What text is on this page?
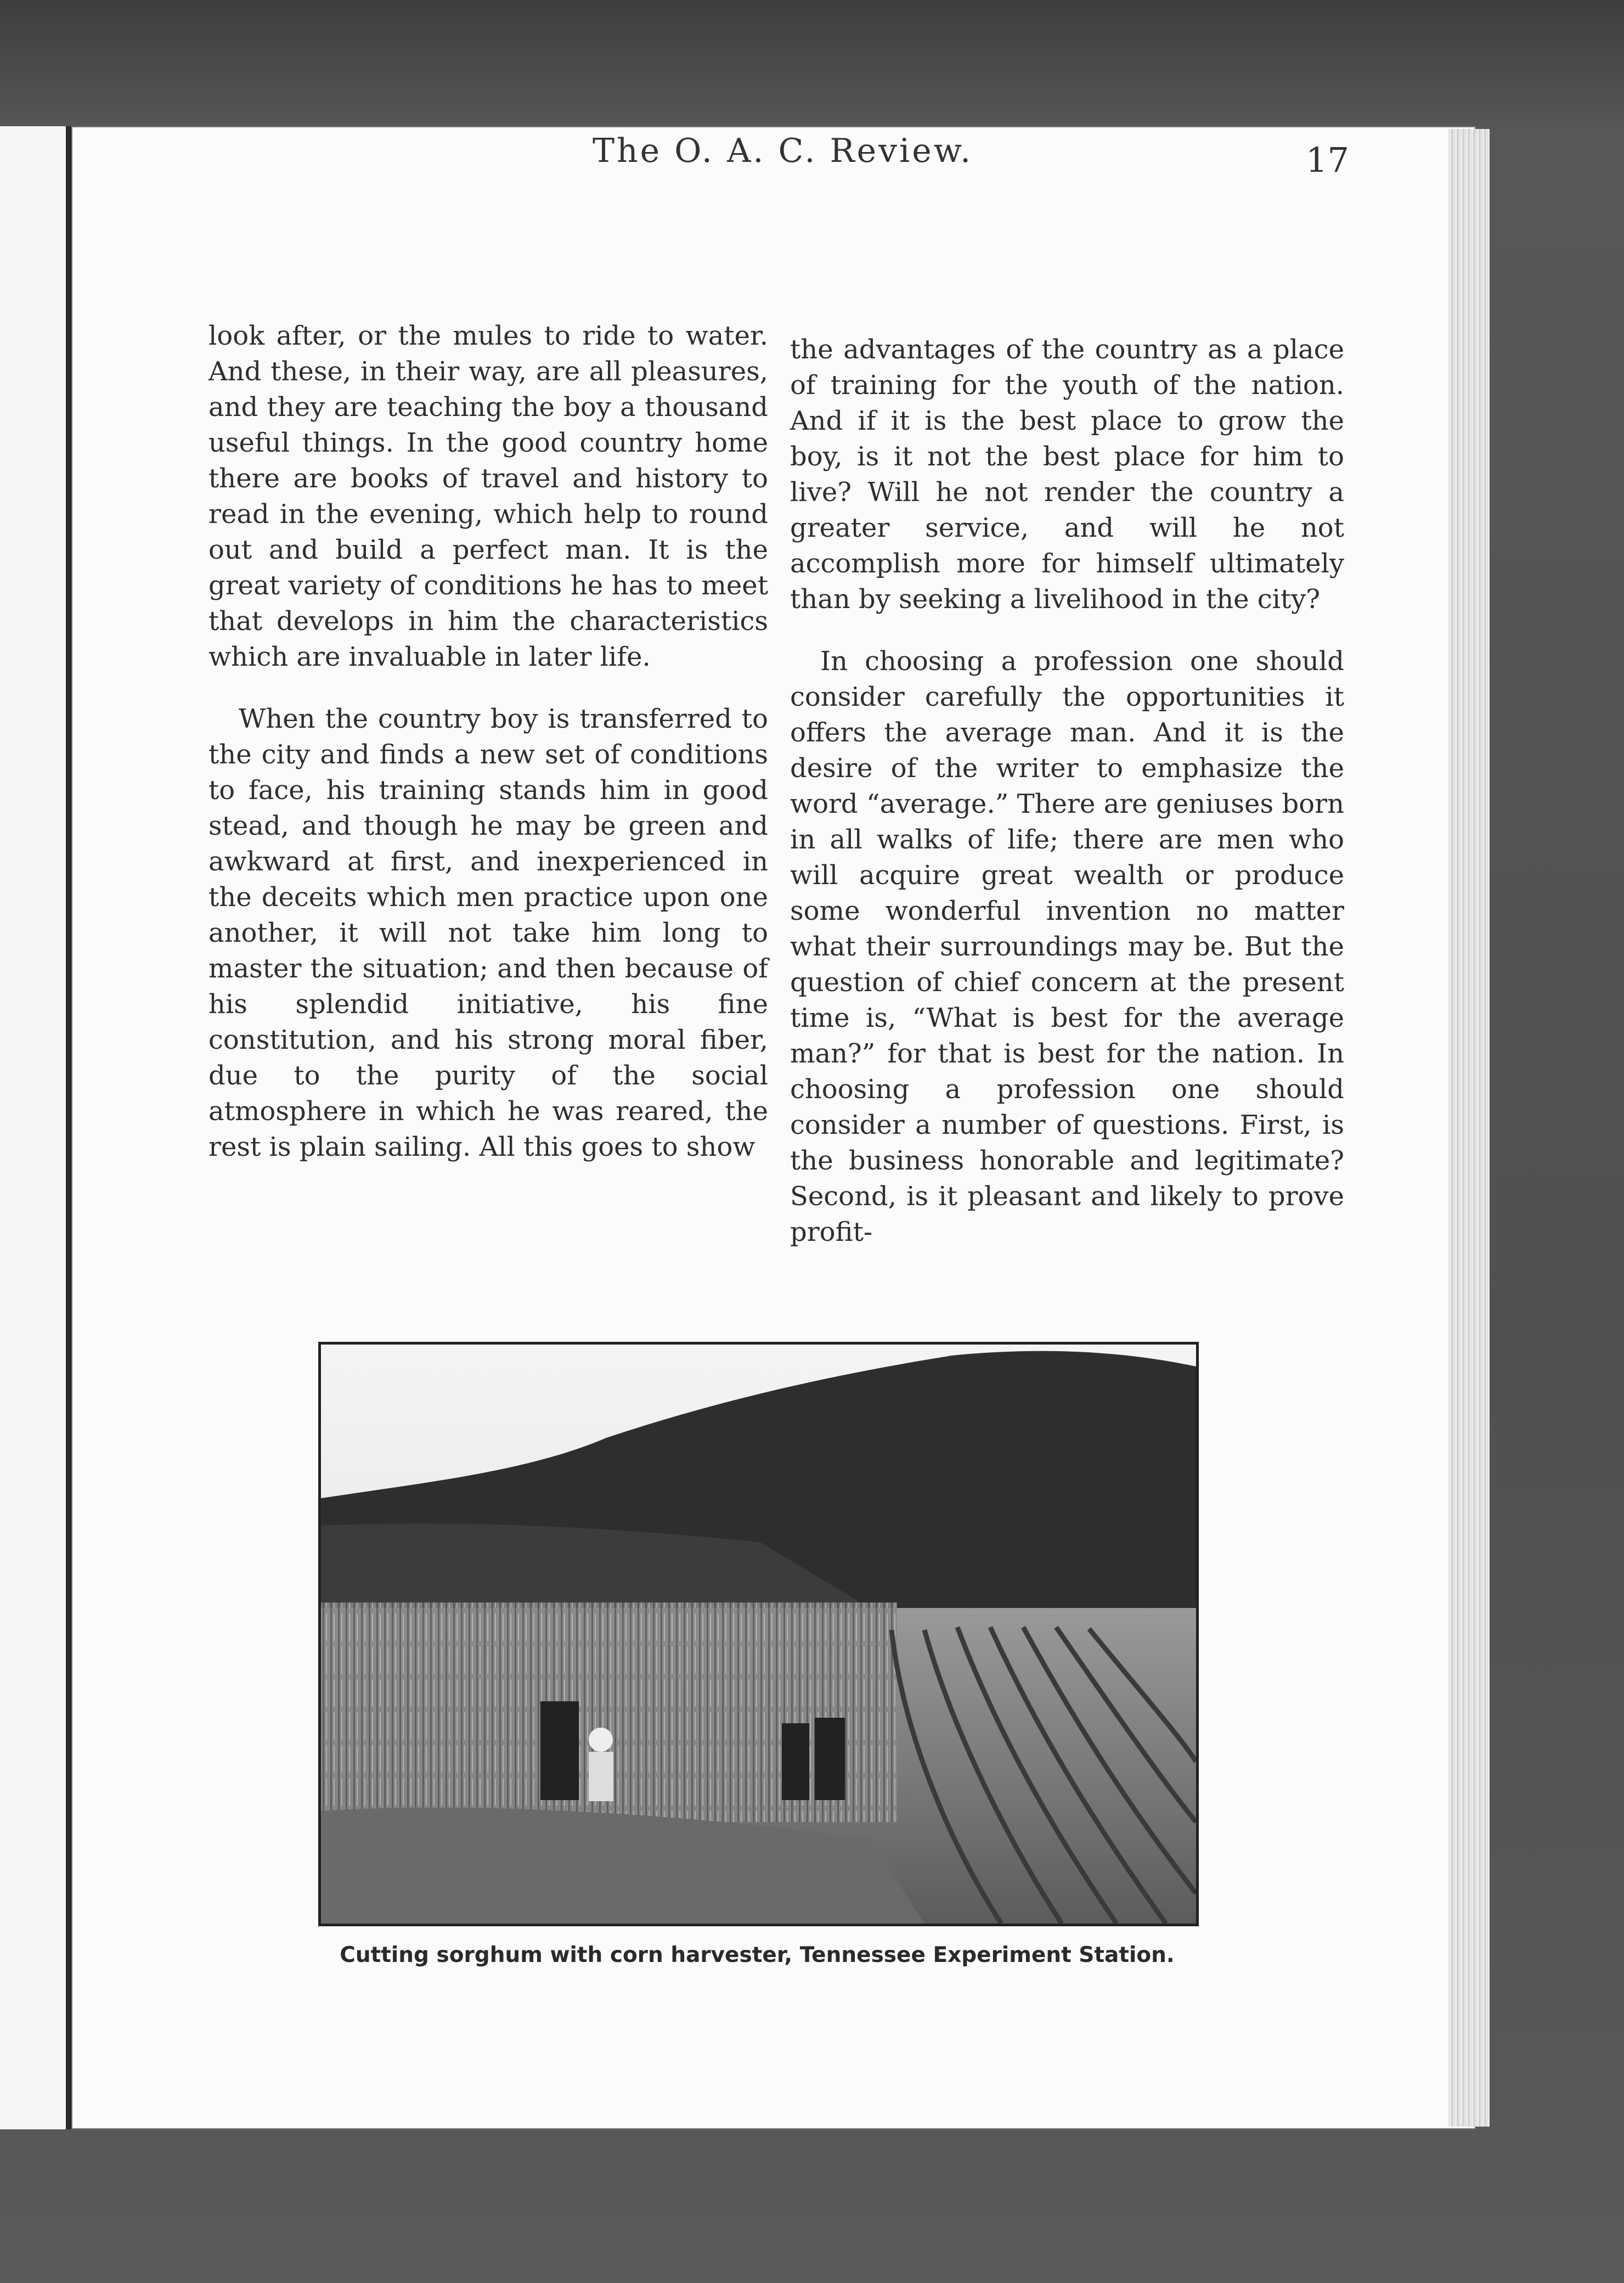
The O. A. C. Review.	17

look after, or the mules to ride to water. And these, in their way, are all pleasures, and they are teaching the boy a thousand useful things. In the good country home there are books of travel and history to read in the evening, which help to round out and build a perfect man. It is the great variety of conditions he has to meet that develops in him the characteristics which are invaluable in later life.

When the country boy is transferred to the city and finds a new set of conditions to face, his training stands him in good stead, and though he may be green and awkward at first, and inexperienced in the deceits which men practice upon one another, it will not take him long to master the situation; and then because of his splendid initiative, his fine constitution, and his strong moral fiber, due to the purity of the social atmosphere in which he was reared, the rest is plain sailing. All this goes to show

the advantages of the country as a place of training for the youth of the nation. And if it is the best place to grow the boy, is it not the best place for him to live? Will he not render the country a greater service, and will he not accomplish more for himself ultimately than by seeking a livelihood in the city?

In choosing a profession one should consider carefully the opportunities it offers the average man. And it is the desire of the writer to emphasize the word “average.” There are geniuses born in all walks of life; there are men who will acquire great wealth or produce some wonderful invention no matter what their surroundings may be. But the question of chief concern at the present time is, “What is best for the average man?” for that is best for the nation. In choosing a profession one should consider a number of questions. First, is the business honorable and legitimate? Second, is it pleasant and likely to prove profit-

Cutting sorghum with corn harvester, Tennessee Experiment Station.
